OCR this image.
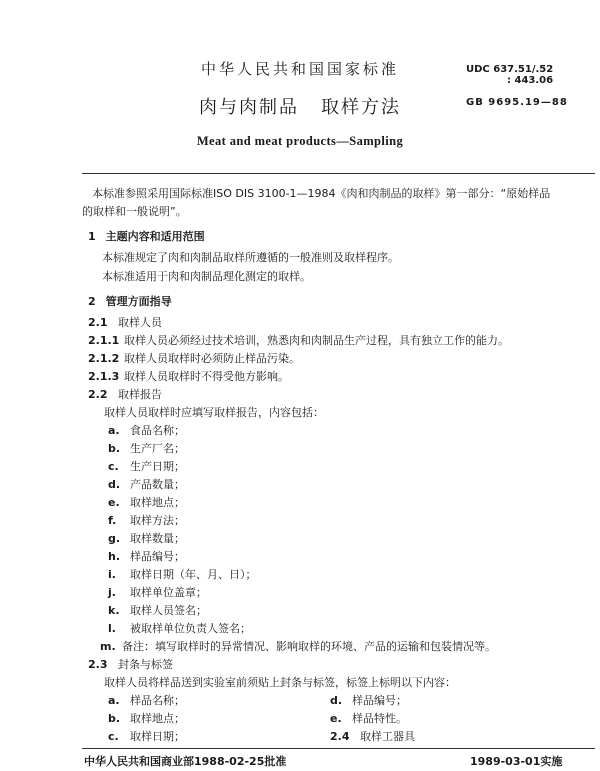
中华人民共和国国家标准	UDC 637.51/.52
: 443.06
GB 9695.19—88
肉与肉制品 取样方法
Meat and meat products—Sampling
本标准参照采用国际标准ISO DIS 3100-1—1984《肉和肉制品的取样》第一部分：“原始样品
的取样和一般说明”。
1 主题内容和适用范围
本标准规定了肉和肉制品取样所遵循的一般准则及取样程序。
本标准适用于肉和肉制品理化测定的取样。
2 管理方面指导
2.1 取样人员
2.1.1 取样人员必须经过技术培训，熟悉肉和肉制品生产过程，具有独立工作的能力。
2.1.2 取样人员取样时必须防止样品污染。
2.1.3 取样人员取样时不得受他方影响。
2.2 取样报告
取样人员取样时应填写取样报告，内容包括：
a. 食品名称；
b. 生产厂名；
c. 生产日期；
d. 产品数量；
e. 取样地点；
f. 取样方法；
g. 取样数量；
h. 样品编号；
i. 取样日期（年、月、日）；
j. 取样单位盖章；
k. 取样人员签名；
l. 被取样单位负责人签名；
m. 备注：填写取样时的异常情况、影响取样的环境、产品的运输和包装情况等。
2.3 封条与标签
取样人员将样品送到实验室前须贴上封条与标签，标签上标明以下内容：
a. 样品名称；
b. 取样地点；
c. 取样日期；
d. 样品编号；
e. 样品特性。
2.4 取样工器具
中华人民共和国商业部1988-02-25批准	1989-03-01实施
